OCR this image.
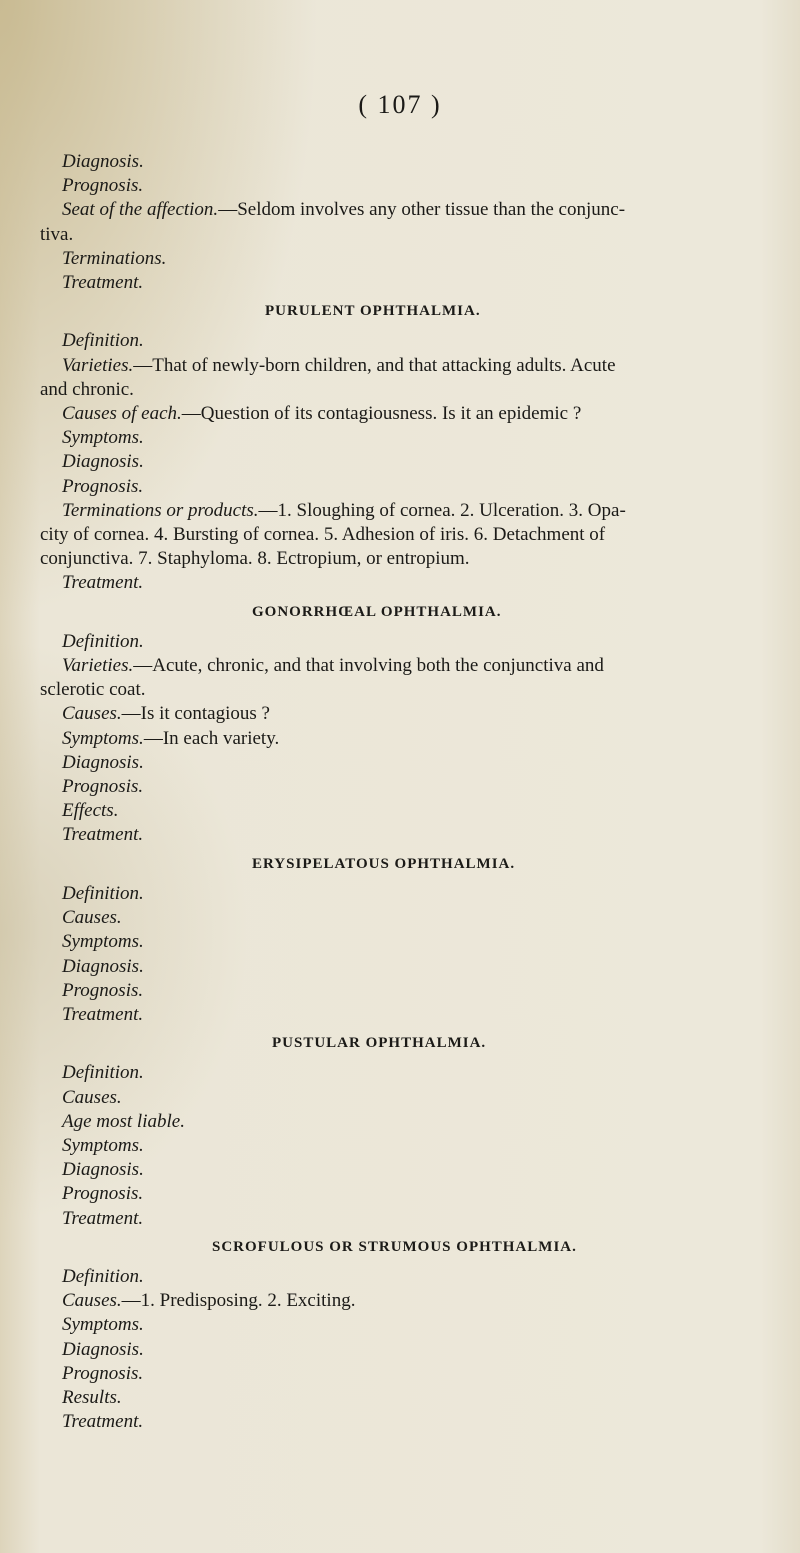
( 107 )
Diagnosis.
Prognosis.
Seat of the affection.—Seldom involves any other tissue than the conjunc-
tiva.
Terminations.
Treatment.
PURULENT OPHTHALMIA.
Definition.
Varieties.—That of newly-born children, and that attacking adults. Acute
and chronic.
Causes of each.—Question of its contagiousness. Is it an epidemic ?
Symptoms.
Diagnosis.
Prognosis.
Terminations or products.—1. Sloughing of cornea. 2. Ulceration. 3. Opa-
city of cornea. 4. Bursting of cornea. 5. Adhesion of iris. 6. Detachment of
conjunctiva. 7. Staphyloma. 8. Ectropium, or entropium.
Treatment.
GONORRHŒAL OPHTHALMIA.
Definition.
Varieties.—Acute, chronic, and that involving both the conjunctiva and
sclerotic coat.
Causes.—Is it contagious ?
Symptoms.—In each variety.
Diagnosis.
Prognosis.
Effects.
Treatment.
ERYSIPELATOUS OPHTHALMIA.
Definition.
Causes.
Symptoms.
Diagnosis.
Prognosis.
Treatment.
PUSTULAR OPHTHALMIA.
Definition.
Causes.
Age most liable.
Symptoms.
Diagnosis.
Prognosis.
Treatment.
SCROFULOUS OR STRUMOUS OPHTHALMIA.
Definition.
Causes.—1. Predisposing. 2. Exciting.
Symptoms.
Diagnosis.
Prognosis.
Results.
Treatment.
